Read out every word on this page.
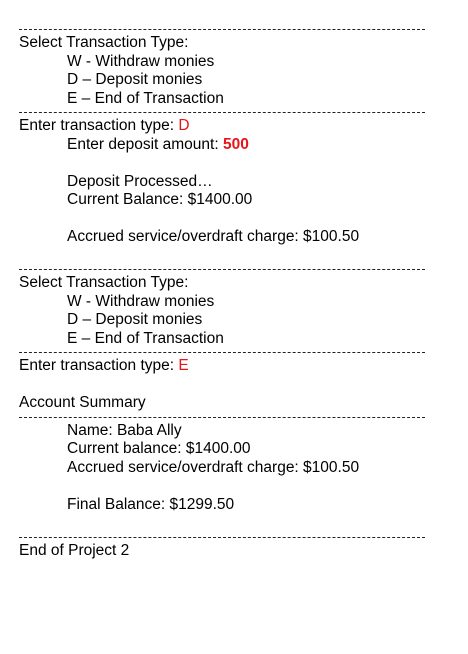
Select Transaction Type:
W - Withdraw monies
D – Deposit monies
E – End of Transaction
Enter transaction type: D
Enter deposit amount: 500
Deposit Processed…
Current Balance: $1400.00
Accrued service/overdraft charge: $100.50
Select Transaction Type:
W - Withdraw monies
D – Deposit monies
E – End of Transaction
Enter transaction type: E
Account Summary
Name: Baba Ally
Current balance: $1400.00
Accrued service/overdraft charge: $100.50
Final Balance: $1299.50
End of Project 2
